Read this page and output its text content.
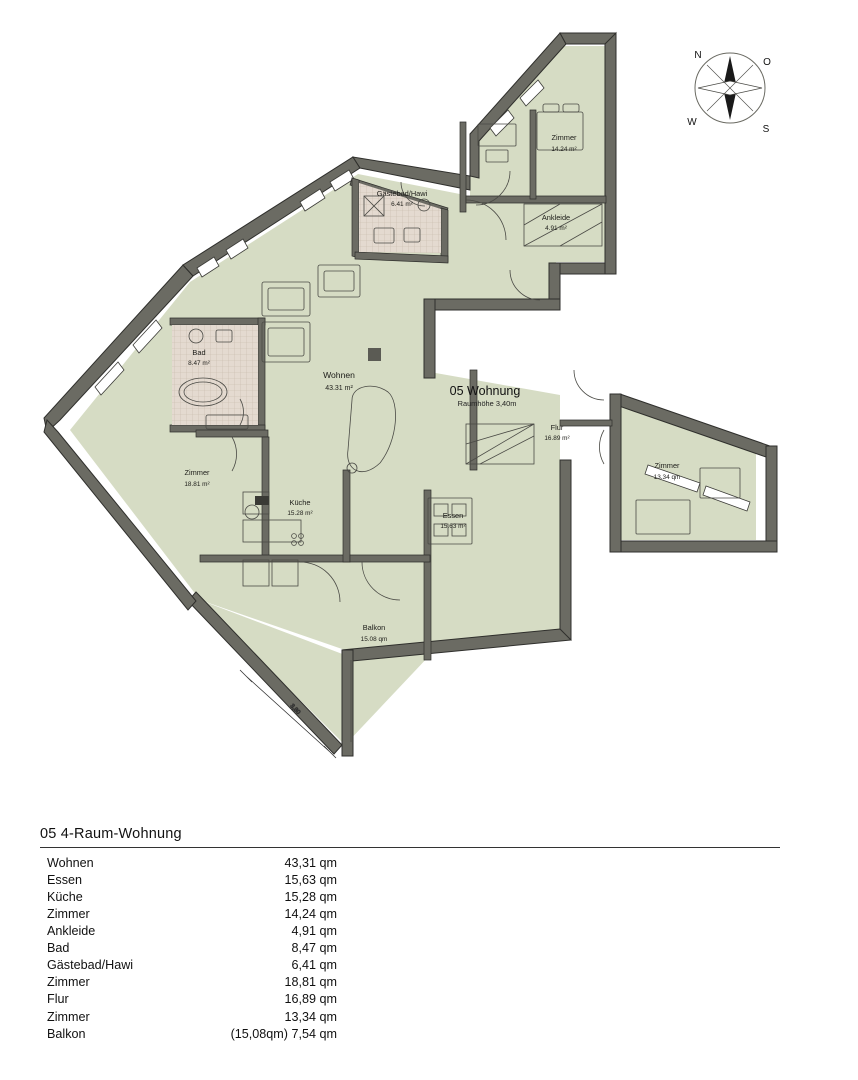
Wohnen
43.31 m²
Essen
15.63 m²
Küche
15.28 m²
Zimmer
14.24 m²
Ankleide
4.91 m²
Bad
8.47 m²
Gästebad/Hawi
6.41 m²
Zimmer
18.81 m²
Flur
16.89 m²
Zimmer
13.34 qm
Balkon
15.08 qm
05 Wohnung
Raumhöhe 3,40m
3,80
N
O
S
W
05 4-Raum-Wohnung
Wohnen	43,31 qm
Essen	15,63 qm
Küche	15,28 qm
Zimmer	14,24 qm
Ankleide	4,91 qm
Bad	8,47 qm
Gästebad/Hawi	6,41 qm
Zimmer	18,81 qm
Flur	16,89 qm
Zimmer	13,34 qm
Balkon	(15,08qm) 7,54 qm
